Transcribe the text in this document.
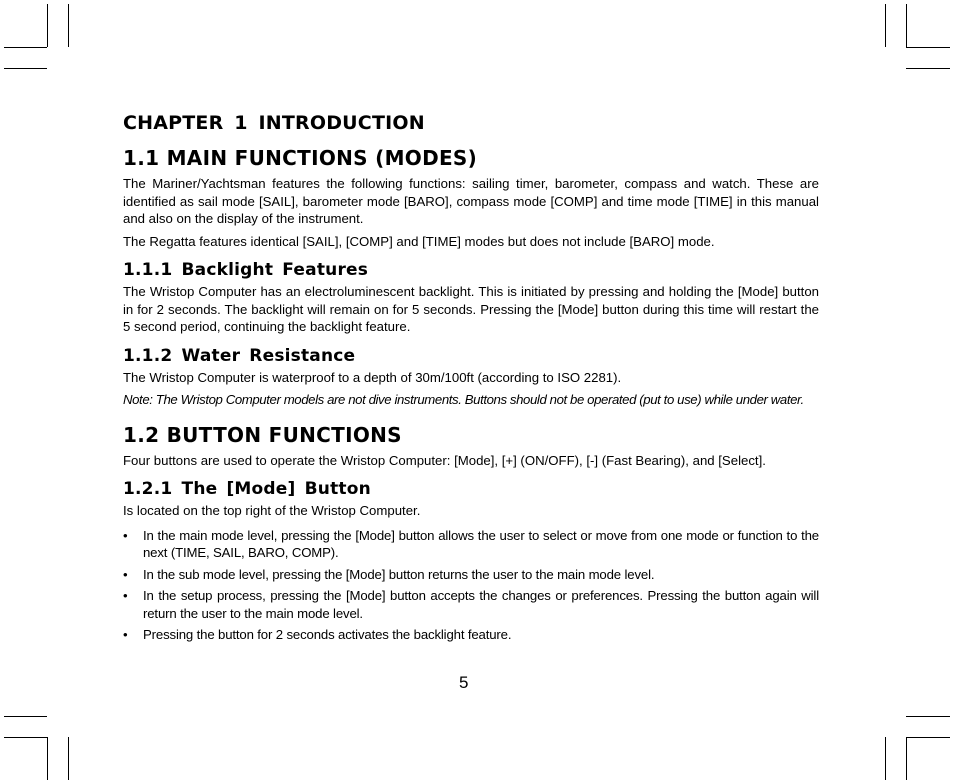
CHAPTER 1 INTRODUCTION
1.1 MAIN FUNCTIONS (MODES)

The Mariner/Yachtsman features the following functions: sailing timer, barometer, compass and watch. These are identified as sail mode [SAIL], barometer mode [BARO], compass mode [COMP] and time mode [TIME] in this manual and also on the display of the instrument.

The Regatta features identical [SAIL], [COMP] and [TIME] modes but does not include [BARO] mode.

1.1.1 Backlight Features

The Wristop Computer has an electroluminescent backlight. This is initiated by pressing and holding the [Mode] button in for 2 seconds. The backlight will remain on for 5 seconds. Pressing the [Mode] button during this time will restart the 5 second period, continuing the backlight feature.

1.1.2 Water Resistance

The Wristop Computer is waterproof to a depth of 30m/100ft (according to ISO 2281).

Note: The Wristop Computer models are not dive instruments. Buttons should not be operated (put to use) while under water.

1.2 BUTTON FUNCTIONS

Four buttons are used to operate the Wristop Computer: [Mode], [+] (ON/OFF), [-] (Fast Bearing), and [Select].

1.2.1 The [Mode] Button

Is located on the top right of the Wristop Computer.

• In the main mode level, pressing the [Mode] button allows the user to select or move from one mode or function to the next (TIME, SAIL, BARO, COMP).
• In the sub mode level, pressing the [Mode] button returns the user to the main mode level.
• In the setup process, pressing the [Mode] button accepts the changes or preferences. Pressing the button again will return the user to the main mode level.
• Pressing the button for 2 seconds activates the backlight feature.
5
